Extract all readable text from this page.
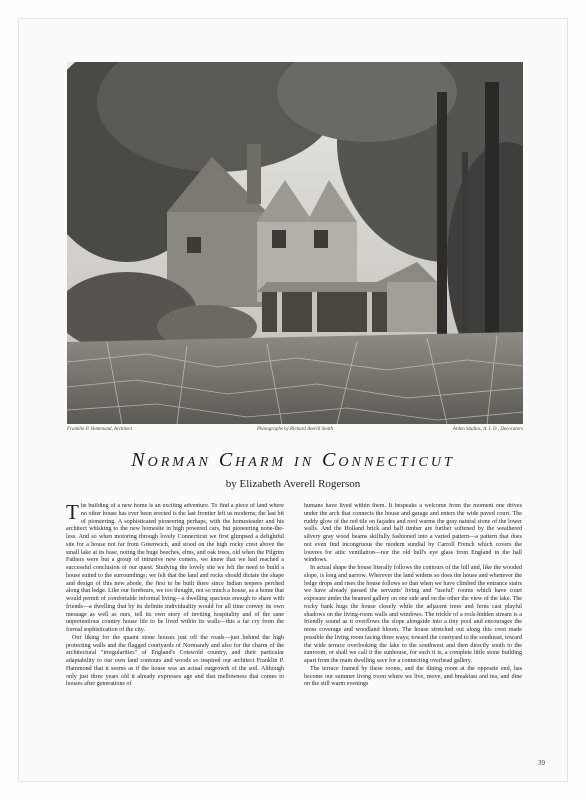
Franklin P. Hammond, Architect	Photographs by Richard Averill Smith	Arden Studios, A. I. D., Decorators
Norman Charm in Connecticut
by Elizabeth Averell Rogerson

The building of a new home is an exciting adventure. To find a piece of land where no other house has ever been erected is the last frontier left us moderns; the last bit of pioneering. A sophisticated pioneering perhaps, with the homesteader and his architect whisking to the new homesite in high powered cars, but pioneering none-the-less. And so when motoring through lovely Connecticut we first glimpsed a delightful site for a house not far from Greenwich, and stood on the high rocky crest above the small lake at its base, noting the huge beeches, elms, and oak trees, old when the Pilgrim Fathers were but a group of intrusive new comers, we knew that we had reached a successful conclusion of our quest. Studying the lovely site we felt the need to build a house suited to the surroundings; we felt that the land and rocks should dictate the shape and design of this new abode, the first to be built there since Indian teepees perched along that ledge. Like our forebears, we too thought, not so much a house, as a home that would permit of comfortable informal living—a dwelling spacious enough to share with friends—a dwelling that by its definite individuality would for all time convey its own message as well as ours, tell its own story of inviting hospitality and of the sane unpretentious country house life to be lived within its walls—this a far cry from the formal sophistication of the city.

Our liking for the quaint stone houses just off the roads—just behind the high protecting walls and the flagged courtyards of Normandy and also for the charm of the architectural "irregularities" of England's Cotswold country, and their particular adaptability to our own land contours and woods so inspired our architect Franklin P. Hammond that it seems as if the house was an actual outgrowth of the soil. Although only just three years old it already expresses age and that mellowness that comes to houses after generations of

humans have lived within them. It bespeaks a welcome from the moment one drives under the arch that connects the house and garage and enters the wide paved court. The ruddy glow of the red tile on façades and roof warms the gray natural stone of the lower walls. And the Holland brick and half timber are further softened by the weathered silvery gray wood beams skilfully fashioned into a varied pattern—a pattern that does not even find incongruous the modern sundial by Carroll French which covers the louvres for attic ventilation—nor the old bull's eye glass from England in the hall windows.

In actual shape the house literally follows the contours of the hill and, like the wooded slope, is long and narrow. Wherever the land widens so does the house and whenever the ledge drops and rises the house follows so that when we have climbed the entrance stairs we have already passed the servants' living and "useful" rooms which have court exposure under the beamed gallery on one side and on the other the view of the lake. The rocky bank hugs the house closely while the adjacent trees and ferns cast playful shadows on the living-room walls and windows. The trickle of a rock-hidden stream is a friendly sound as it overflows the slope alongside into a tiny pool and encourages the moss coverage and woodland bloom. The house stretched out along this crest made possible the living room facing three ways; toward the courtyard to the southeast, toward the wide terrace overlooking the lake to the southwest and then directly south to the sunroom, or shall we call it the sunhouse, for such it is, a complete little stone building apart from the main dwelling save for a connecting overhead gallery.

The terrace framed by these rooms, and the dining room at the opposite end, has become our summer living room where we live, move, and breakfast and tea, and dine on the still warm evenings

39
